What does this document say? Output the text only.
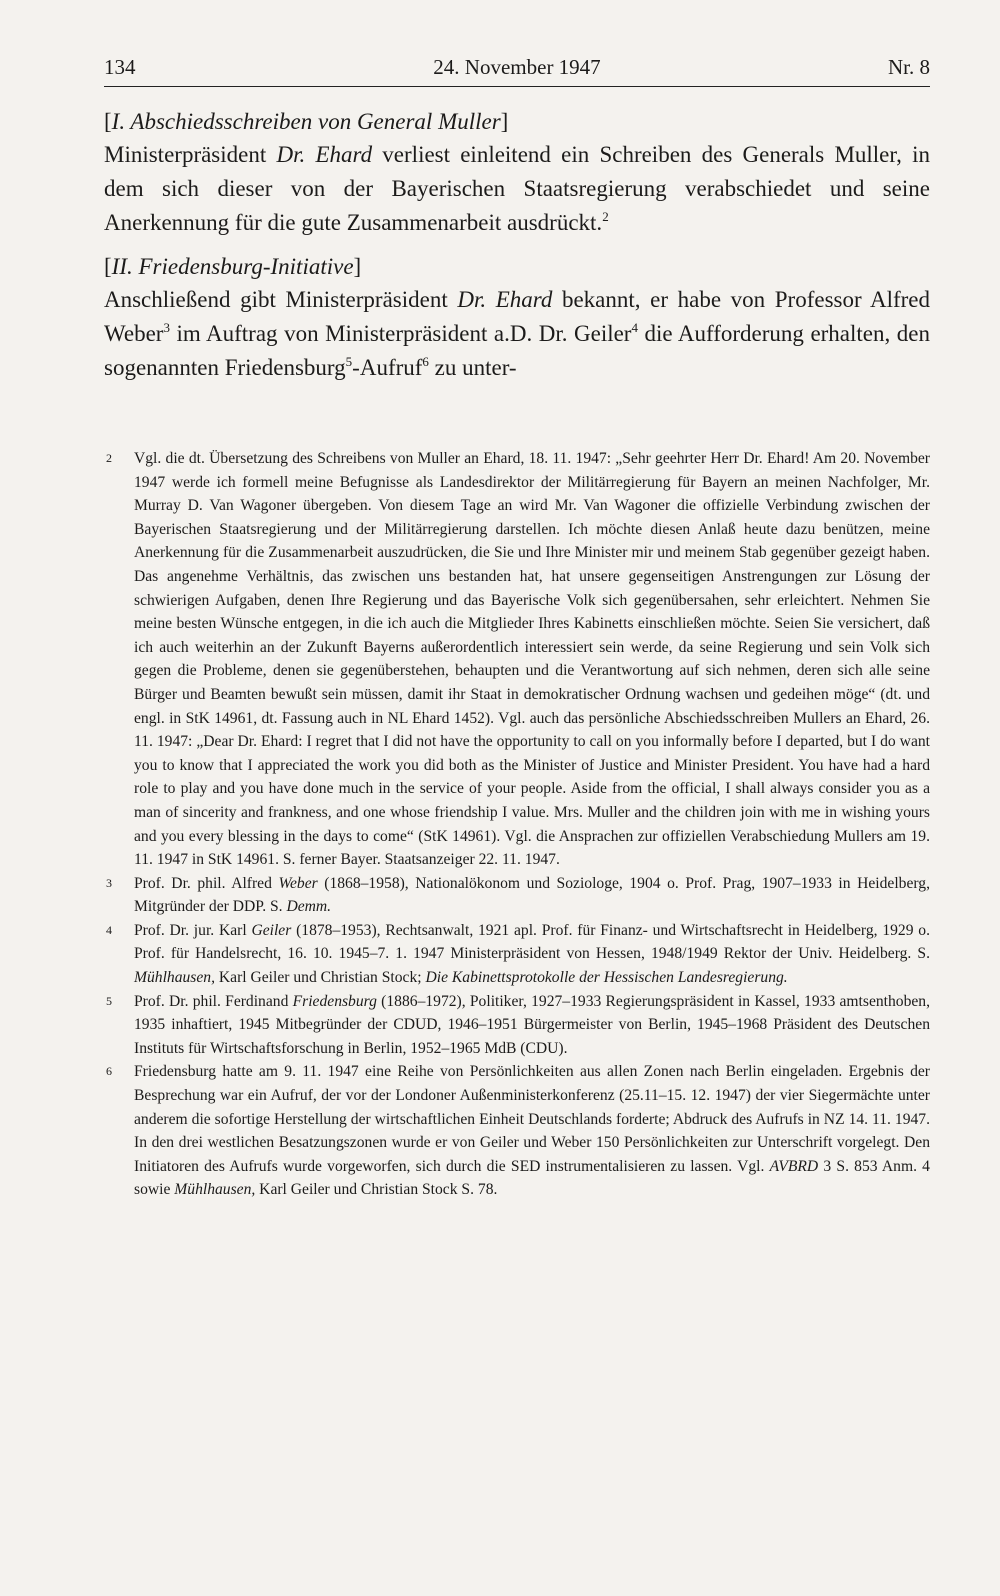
134	24. November 1947	Nr. 8
[I. Abschiedsschreiben von General Muller]

Ministerpräsident Dr. Ehard verliest einleitend ein Schreiben des Generals Muller, in dem sich dieser von der Bayerischen Staatsregierung verabschiedet und seine Anerkennung für die gute Zusammenarbeit ausdrückt.$^2$

[II. Friedensburg-Initiative]

Anschließend gibt Ministerpräsident Dr. Ehard bekannt, er habe von Professor Alfred Weber$^3$ im Auftrag von Ministerpräsident a.D. Dr. Geiler$^4$ die Aufforderung erhalten, den sogenannten Friedensburg$^5$-Aufruf$^6$ zu unter-

2 Vgl. die dt. Übersetzung des Schreibens von Muller an Ehard, 18. 11. 1947: „Sehr geehrter Herr Dr. Ehard! Am 20. November 1947 werde ich formell meine Befugnisse als Landesdirektor der Militärregierung für Bayern an meinen Nachfolger, Mr. Murray D. Van Wagoner übergeben. Von diesem Tage an wird Mr. Van Wagoner die offizielle Verbindung zwischen der Bayerischen Staatsregierung und der Militärregierung darstellen. Ich möchte diesen Anlaß heute dazu benützen, meine Anerkennung für die Zusammenarbeit auszudrücken, die Sie und Ihre Minister mir und meinem Stab gegenüber gezeigt haben. Das angenehme Verhältnis, das zwischen uns bestanden hat, hat unsere gegenseitigen Anstrengungen zur Lösung der schwierigen Aufgaben, denen Ihre Regierung und das Bayerische Volk sich gegenübersahen, sehr erleichtert. Nehmen Sie meine besten Wünsche entgegen, in die ich auch die Mitglieder Ihres Kabinetts einschließen möchte. Seien Sie versichert, daß ich auch weiterhin an der Zukunft Bayerns außerordentlich interessiert sein werde, da seine Regierung und sein Volk sich gegen die Probleme, denen sie gegenüberstehen, behaupten und die Verantwortung auf sich nehmen, deren sich alle seine Bürger und Beamten bewußt sein müssen, damit ihr Staat in demokratischer Ordnung wachsen und gedeihen möge“ (dt. und engl. in StK 14961, dt. Fassung auch in NL Ehard 1452). Vgl. auch das persönliche Abschiedsschreiben Mullers an Ehard, 26. 11. 1947: „Dear Dr. Ehard: I regret that I did not have the opportunity to call on you informally before I departed, but I do want you to know that I appreciated the work you did both as the Minister of Justice and Minister President. You have had a hard role to play and you have done much in the service of your people. Aside from the official, I shall always consider you as a man of sincerity and frankness, and one whose friendship I value. Mrs. Muller and the children join with me in wishing yours and you every blessing in the days to come“ (StK 14961). Vgl. die Ansprachen zur offiziellen Verabschiedung Mullers am 19. 11. 1947 in StK 14961. S. ferner Bayer. Staatsanzeiger 22. 11. 1947.
3 Prof. Dr. phil. Alfred Weber (1868–1958), Nationalökonom und Soziologe, 1904 o. Prof. Prag, 1907–1933 in Heidelberg, Mitgründer der DDP. S. Demm.
4 Prof. Dr. jur. Karl Geiler (1878–1953), Rechtsanwalt, 1921 apl. Prof. für Finanz- und Wirtschaftsrecht in Heidelberg, 1929 o. Prof. für Handelsrecht, 16. 10. 1945–7. 1. 1947 Ministerpräsident von Hessen, 1948/1949 Rektor der Univ. Heidelberg. S. Mühlhausen, Karl Geiler und Christian Stock; Die Kabinettsprotokolle der Hessischen Landesregierung.
5 Prof. Dr. phil. Ferdinand Friedensburg (1886–1972), Politiker, 1927–1933 Regierungspräsident in Kassel, 1933 amtsenthoben, 1935 inhaftiert, 1945 Mitbegründer der CDUD, 1946–1951 Bürgermeister von Berlin, 1945–1968 Präsident des Deutschen Instituts für Wirtschaftsforschung in Berlin, 1952–1965 MdB (CDU).
6 Friedensburg hatte am 9. 11. 1947 eine Reihe von Persönlichkeiten aus allen Zonen nach Berlin eingeladen. Ergebnis der Besprechung war ein Aufruf, der vor der Londoner Außenministerkonferenz (25.11–15. 12. 1947) der vier Siegermächte unter anderem die sofortige Herstellung der wirtschaftlichen Einheit Deutschlands forderte; Abdruck des Aufrufs in NZ 14. 11. 1947. In den drei westlichen Besatzungszonen wurde er von Geiler und Weber 150 Persönlichkeiten zur Unterschrift vorgelegt. Den Initiatoren des Aufrufs wurde vorgeworfen, sich durch die SED instrumentalisieren zu lassen. Vgl. AVBRD 3 S. 853 Anm. 4 sowie Mühlhausen, Karl Geiler und Christian Stock S. 78.
